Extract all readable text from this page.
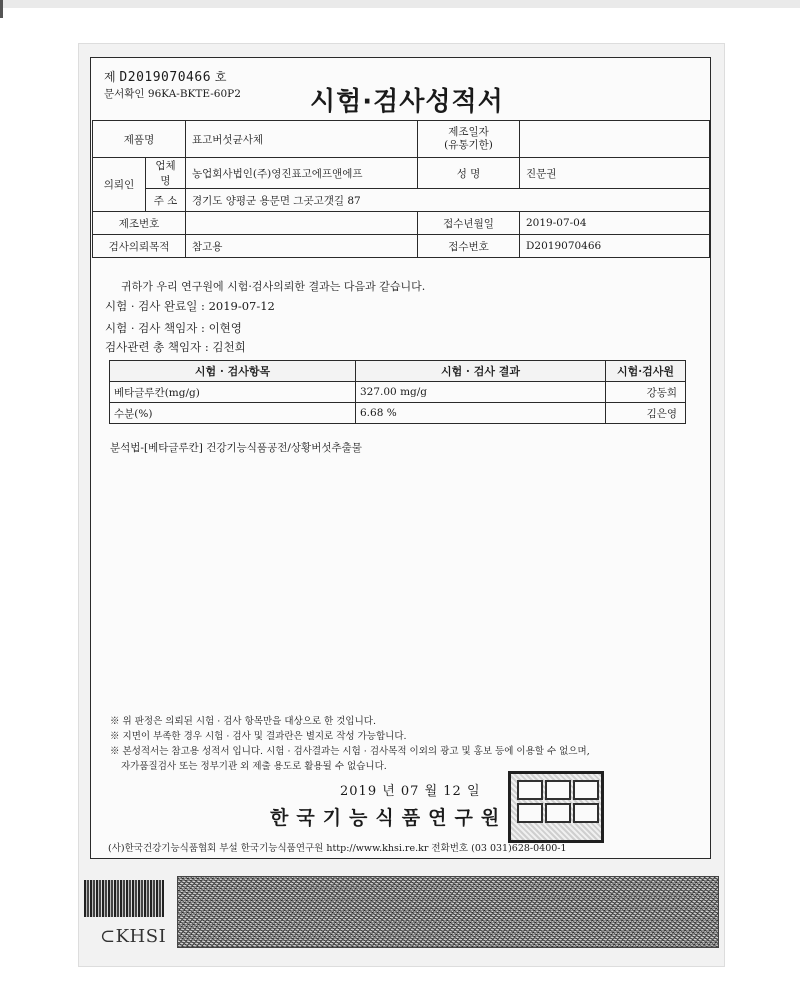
제 D2019070466 호
문서확인 96KA-BKTE-60P2	시험·검사성적서
제품명		표고버섯균사체	제조일자
(유통기한)	
의뢰인	업체명	농업회사법인(주)영진표고에프앤에프	성 명	진문권
	주 소	경기도 양평군 용문면 그곳고갯길 87		
제조번호			접수년월일	2019-07-04
검사의뢰목적		참고용	접수번호	D2019070466
귀하가 우리 연구원에 시험·검사의뢰한 결과는 다음과 같습니다.
시험 · 검사 완료일 : 2019-07-12
시험 · 검사 책임자 : 이현영
검사관련 총 책임자 : 김천희
시험 · 검사항목	시험 · 검사 결과	시험·검사원
베타글루칸(mg/g)	327.00 mg/g	강동희
수분(%)	6.68 %	김은영
분석법-[베타글루칸] 건강기능식품공전/상황버섯추출물
※ 위 판정은 의뢰된 시험 · 검사 항목만을 대상으로 한 것입니다.
※ 지면이 부족한 경우 시험 · 검사 및 결과란은 별지로 작성 가능합니다.
※ 본성적서는 참고용 성적서 입니다. 시험 · 검사결과는 시험 · 검사목적 이외의 광고 및 홍보 등에 이용할 수 없으며,
자가품질검사 또는 정부기관 외 제출 용도로 활용될 수 없습니다.
2019 년 07 월 12 일
한국기능식품연구원
(사)한국건강기능식품협회 부설 한국기능식품연구원 http://www.khsi.re.kr 전화번호 (03 031)628-0400-1
⊂KHSI
